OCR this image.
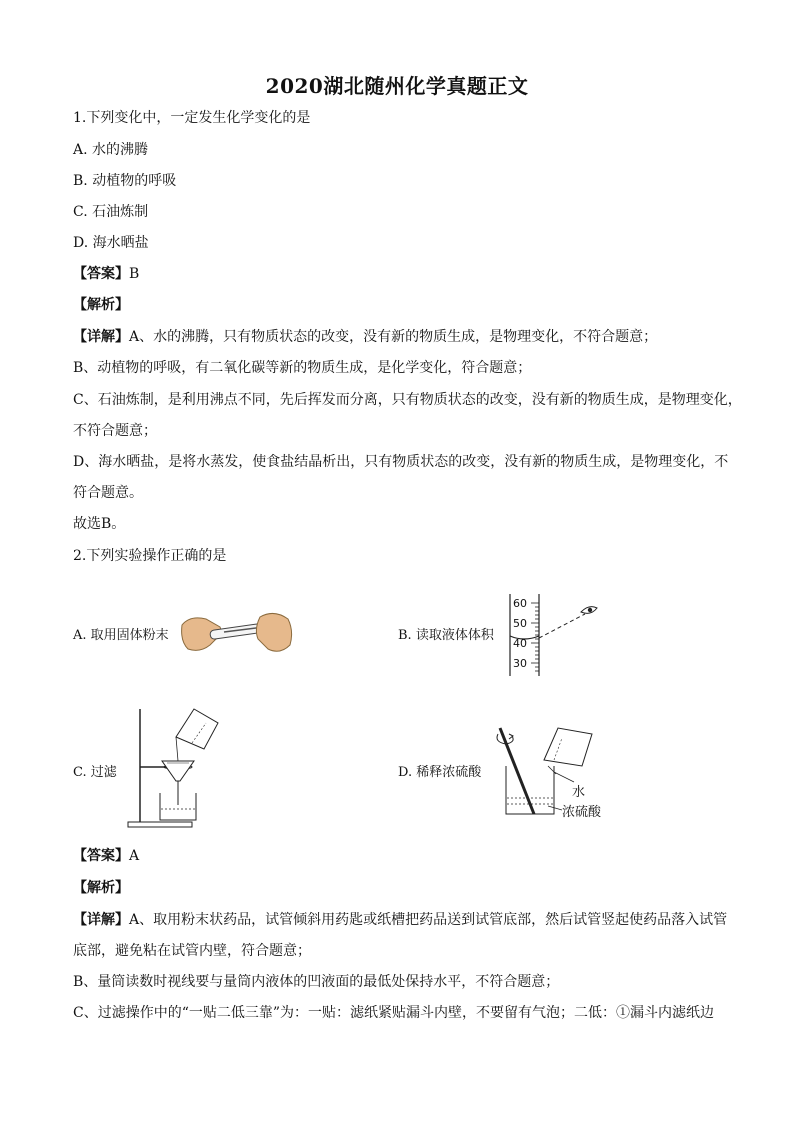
2020湖北随州化学真题正文
1.下列变化中，一定发生化学变化的是
A. 水的沸腾
B. 动植物的呼吸
C. 石油炼制
D. 海水晒盐
【答案】B
【解析】
【详解】A、水的沸腾，只有物质状态的改变，没有新的物质生成，是物理变化，不符合题意；
B、动植物的呼吸，有二氧化碳等新的物质生成，是化学变化，符合题意；
C、石油炼制，是利用沸点不同，先后挥发而分离，只有物质状态的改变，没有新的物质生成，是物理变化，
不符合题意；
D、海水晒盐，是将水蒸发，使食盐结晶析出，只有物质状态的改变，没有新的物质生成，是物理变化，不
符合题意。
故选B。
2.下列实验操作正确的是
A. 取用固体粉末	B. 读取液体体积
60
50
40
30
C. 过滤	D. 稀释浓硫酸
水
浓硫酸
【答案】A
【解析】
【详解】A、取用粉末状药品，试管倾斜用药匙或纸槽把药品送到试管底部，然后试管竖起使药品落入试管
底部，避免粘在试管内壁，符合题意；
B、量筒读数时视线要与量筒内液体的凹液面的最低处保持水平，不符合题意；
C、过滤操作中的“一贴二低三靠”为：一贴：滤纸紧贴漏斗内壁，不要留有气泡；二低：①漏斗内滤纸边
